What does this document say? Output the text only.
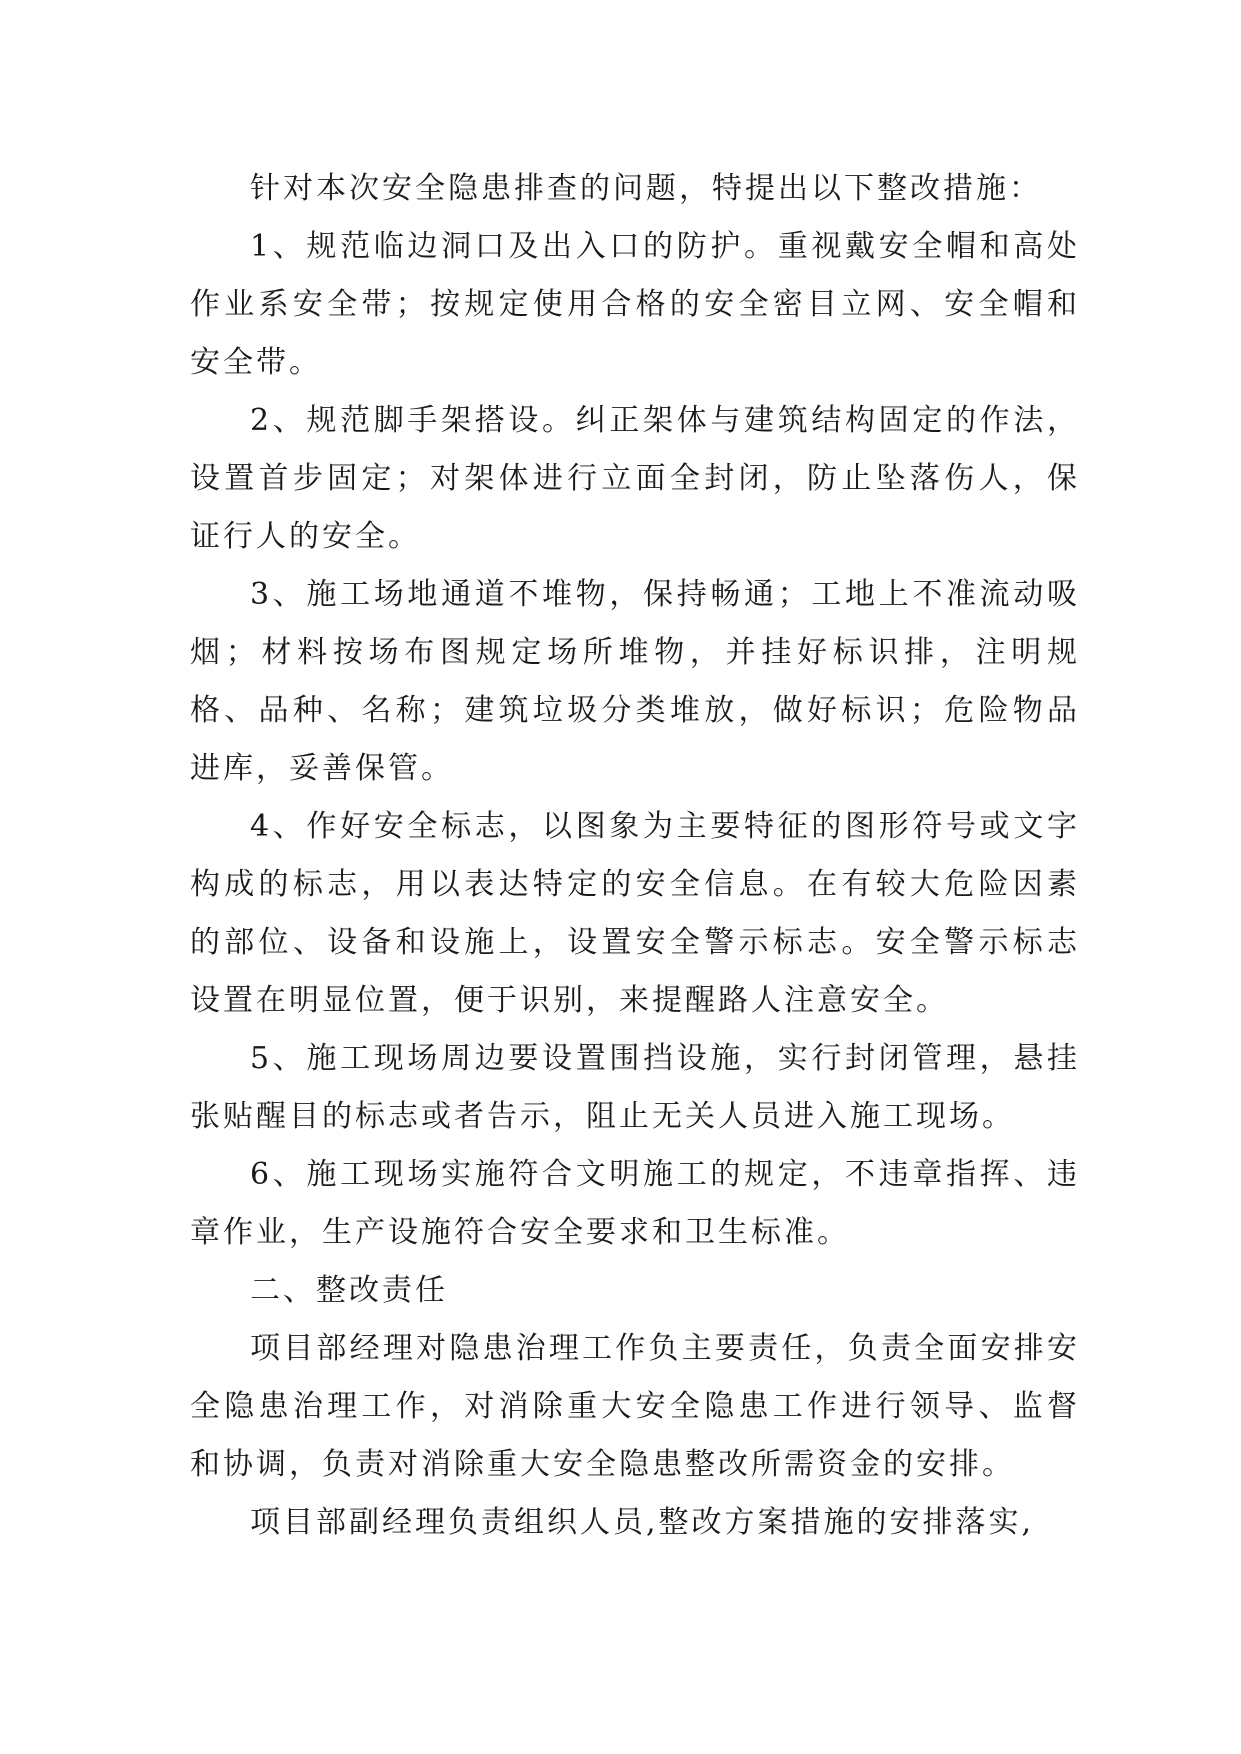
针对本次安全隐患排查的问题，特提出以下整改措施：

1、规范临边洞口及出入口的防护。重视戴安全帽和高处作业系安全带；按规定使用合格的安全密目立网、安全帽和安全带。

2、规范脚手架搭设。纠正架体与建筑结构固定的作法，设置首步固定；对架体进行立面全封闭，防止坠落伤人，保证行人的安全。

3、施工场地通道不堆物，保持畅通；工地上不准流动吸烟；材料按场布图规定场所堆物，并挂好标识排，注明规格、品种、名称；建筑垃圾分类堆放，做好标识；危险物品进库，妥善保管。

4、作好安全标志，以图象为主要特征的图形符号或文字构成的标志，用以表达特定的安全信息。在有较大危险因素的部位、设备和设施上，设置安全警示标志。安全警示标志设置在明显位置，便于识别，来提醒路人注意安全。

5、施工现场周边要设置围挡设施，实行封闭管理，悬挂张贴醒目的标志或者告示，阻止无关人员进入施工现场。

6、施工现场实施符合文明施工的规定，不违章指挥、违章作业，生产设施符合安全要求和卫生标准。

二、整改责任

项目部经理对隐患治理工作负主要责任，负责全面安排安全隐患治理工作，对消除重大安全隐患工作进行领导、监督和协调，负责对消除重大安全隐患整改所需资金的安排。

项目部副经理负责组织人员,整改方案措施的安排落实,
